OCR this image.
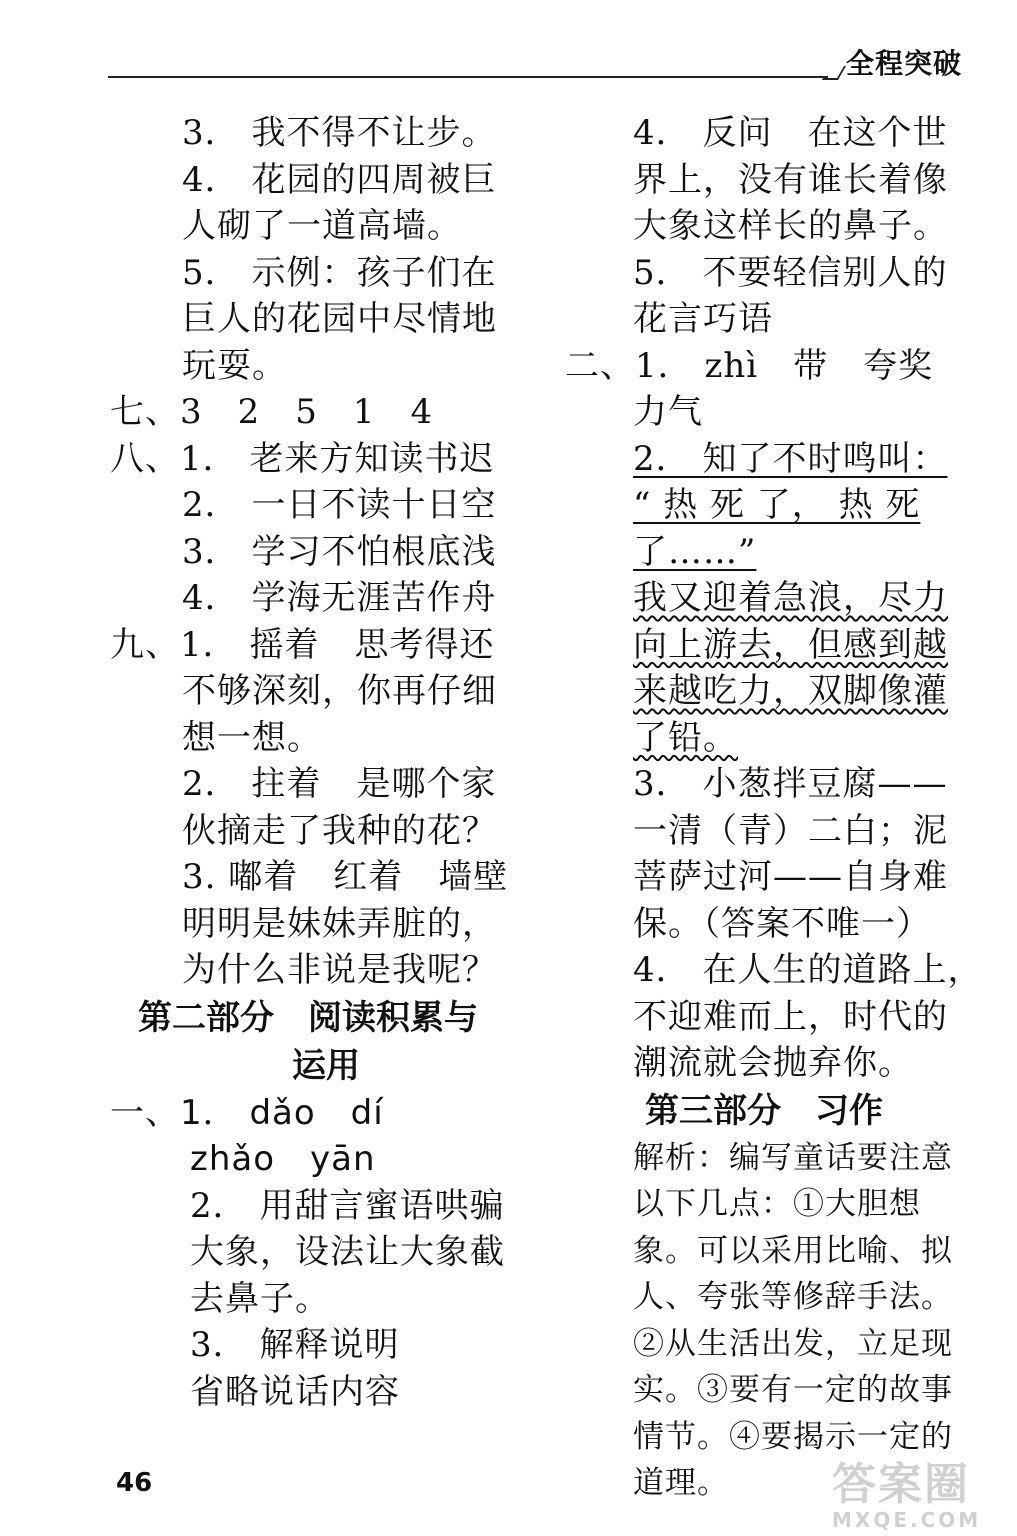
全程突破
3． 我不得不让步。
4． 花园的四周被巨
人砌了一道高墙。
5． 示例：孩子们在
巨人的花园中尽情地
玩耍。
七、3　2　5　1　4
八、1． 老来方知读书迟
2． 一日不读十日空
3． 学习不怕根底浅
4． 学海无涯苦作舟
九、1． 摇着　思考得还
不够深刻，你再仔细
想一想。
2． 拄着　是哪个家
伙摘走了我种的花？
3. 嘟着　红着　墙壁
明明是妹妹弄脏的，
为什么非说是我呢？
第二部分　阅读积累与
运用
一、1． dǎo　dí
zhǎo　yān
2． 用甜言蜜语哄骗
大象，设法让大象截
去鼻子。
3． 解释说明
省略说话内容
4． 反问　在这个世
界上，没有谁长着像
大象这样长的鼻子。
5． 不要轻信别人的
花言巧语
二、1． zhì　带　夸奖
力气
2． 知了不时鸣叫：
“ 热 死 了， 热 死
了……”
我又迎着急浪，尽力
向上游去，但感到越
来越吃力，双脚像灌
了铅。
3． 小葱拌豆腐——
一清（青）二白；泥
菩萨过河——自身难
保。（答案不唯一）
4． 在人生的道路上，
不迎难而上，时代的
潮流就会抛弃你。
第三部分　习作
解析：编写童话要注意
以下几点：①大胆想
象。可以采用比喻、拟
人、夸张等修辞手法。
②从生活出发，立足现
实。③要有一定的故事
情节。④要揭示一定的
道理。
46	答案圈
MXQE.COM
